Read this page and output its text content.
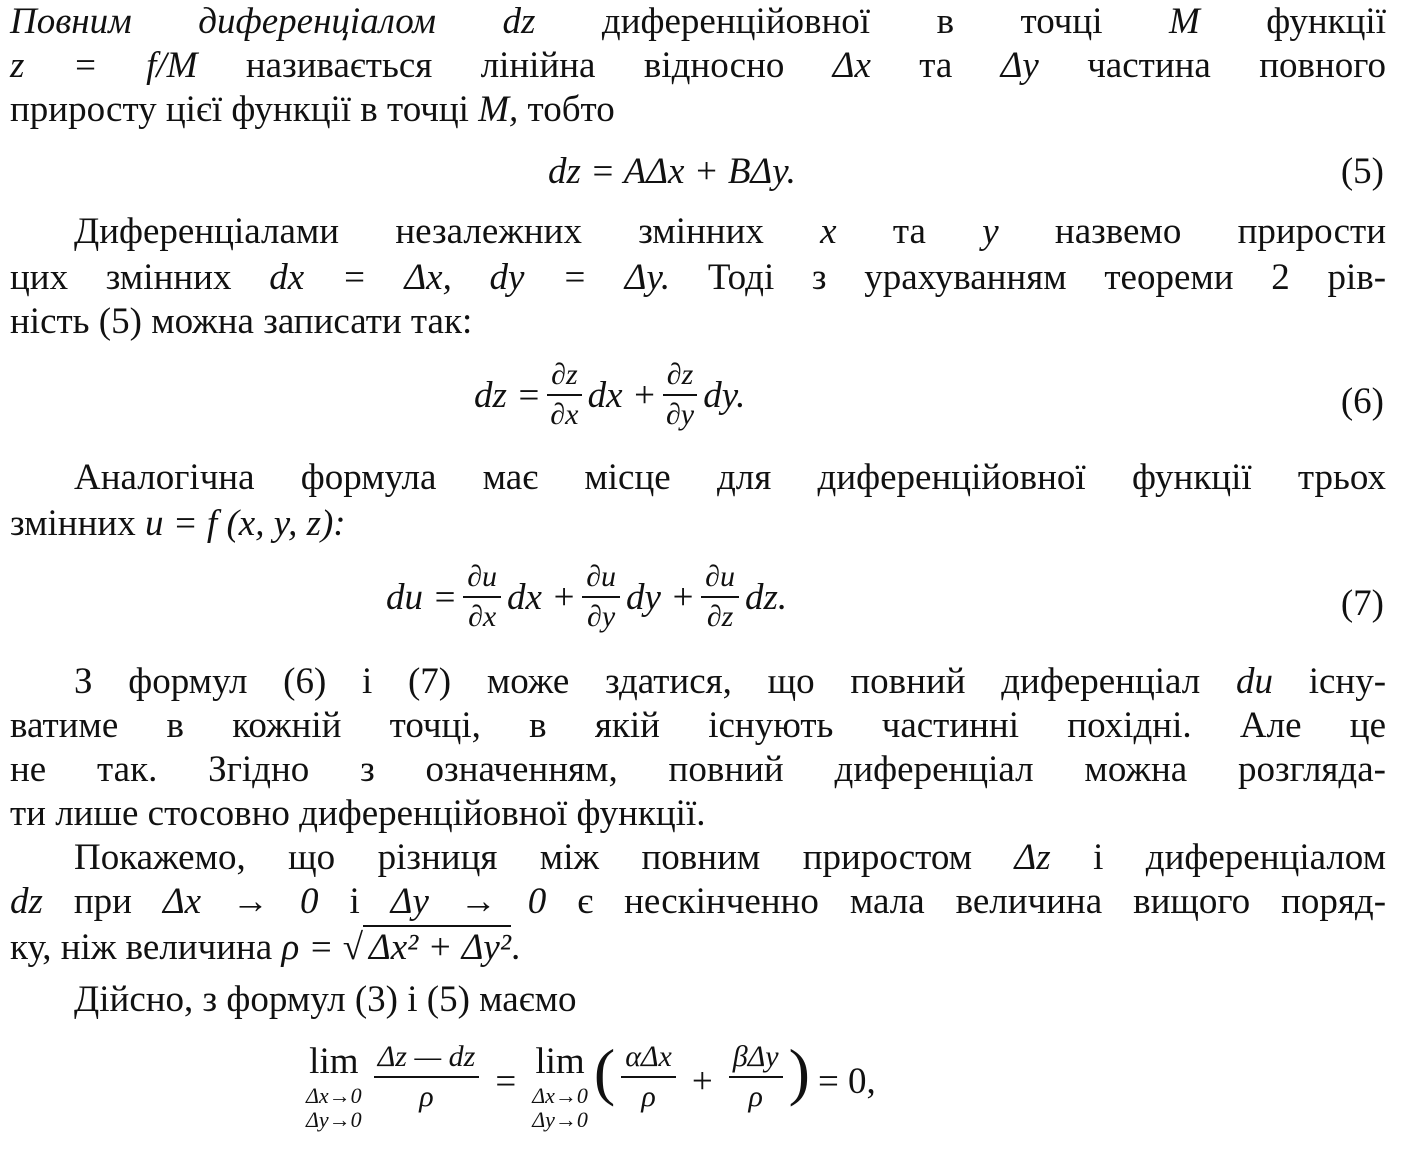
Повним диференціалом dz диференційовної в точці M функції
z = f/M називається лінійна відносно Δx та Δy частина повного
приросту цієї функції в точці M, тобто
dz = AΔx + BΔy.	(5)
Диференціалами незалежних змінних x та y назвемо прирости
цих змінних dx = Δx, dy = Δy. Тоді з урахуванням теореми 2 рів-
ність (5) можна записати так:
dz = $\frac{\partial z}{\partial x}$ dx + $\frac{\partial z}{\partial y}$ dy.	(6)
Аналогічна формула має місце для диференційовної функції трьох
змінних u = f (x, y, z):
du = $\frac{\partial u}{\partial x}$ dx + $\frac{\partial u}{\partial y}$ dy + $\frac{\partial u}{\partial z}$ dz.	(7)
З формул (6) і (7) може здатися, що повний диференціал du існу-
ватиме в кожній точці, в якій існують частинні похідні. Але це
не так. Згідно з означенням, повний диференціал можна розгляда-
ти лише стосовно диференційовної функції.
Покажемо, що різниця між повним приростом Δz і диференціалом
dz при Δx → 0 і Δy → 0 є нескінченно мала величина вищого поряд-
ку, ніж величина ρ = √ Δx² + Δy².
Дійсно, з формул (3) і (5) маємо
lim
Δx→0
Δy→0
$\frac{\Delta z — dz}{\rho} = \lim$
Δx→0
Δy→0
( $\frac{\text{αΔx}}{\rho} + \frac{\text{βΔy}}{\rho}$ ) = 0,
